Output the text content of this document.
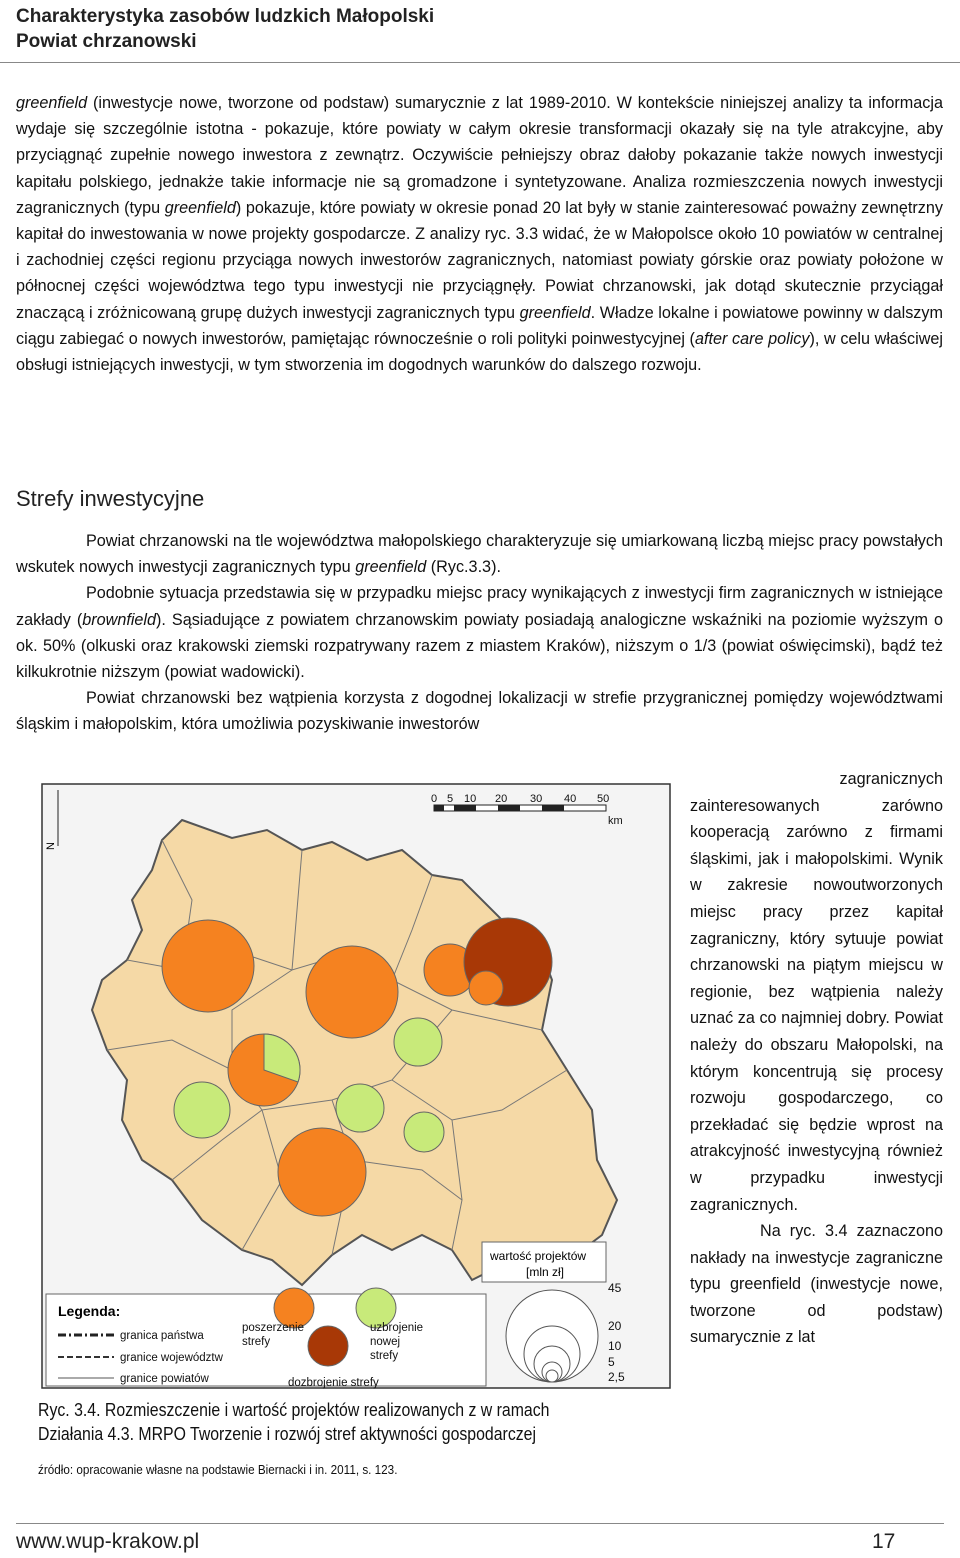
Charakterystyka zasobów ludzkich Małopolski
Powiat chrzanowski

greenfield (inwestycje nowe, tworzone od podstaw) sumarycznie z lat 1989-2010. W kontekście niniejszej analizy ta informacja wydaje się szczególnie istotna - pokazuje, które powiaty w całym okresie transformacji okazały się na tyle atrakcyjne, aby przyciągnąć zupełnie nowego inwestora z zewnątrz. Oczywiście pełniejszy obraz dałoby pokazanie także nowych inwestycji kapitału polskiego, jednakże takie informacje nie są gromadzone i syntetyzowane. Analiza rozmieszczenia nowych inwestycji zagranicznych (typu greenfield) pokazuje, które powiaty w okresie ponad 20 lat były w stanie zainteresować poważny zewnętrzny kapitał do inwestowania w nowe projekty gospodarcze. Z analizy ryc. 3.3 widać, że w Małopolsce około 10 powiatów w centralnej i zachodniej części regionu przyciąga nowych inwestorów zagranicznych, natomiast powiaty górskie oraz powiaty położone w północnej części województwa tego typu inwestycji nie przyciągnęły. Powiat chrzanowski, jak dotąd skutecznie przyciągał znaczącą i zróżnicowaną grupę dużych inwestycji zagranicznych typu greenfield. Władze lokalne i powiatowe powinny w dalszym ciągu zabiegać o nowych inwestorów, pamiętając równocześnie o roli polityki poinwestycyjnej (after care policy), w celu właściwej obsługi istniejących inwestycji, w tym stworzenia im dogodnych warunków do dalszego rozwoju.

Strefy inwestycyjne

Powiat chrzanowski na tle województwa małopolskiego charakteryzuje się umiarkowaną liczbą miejsc pracy powstałych wskutek nowych inwestycji zagranicznych typu greenfield (Ryc.3.3).

Podobnie sytuacja przedstawia się w przypadku miejsc pracy wynikających z inwestycji firm zagranicznych w istniejące zakłady (brownfield). Sąsiadujące z powiatem chrzanowskim powiaty posiadają analogiczne wskaźniki na poziomie wyższym o ok. 50% (olkuski oraz krakowski ziemski rozpatrywany razem z miastem Kraków), niższym o 1/3 (powiat oświęcimski), bądź też kilkukrotnie niższym (powiat wadowicki).

Powiat chrzanowski bez wątpienia korzysta z dogodnej lokalizacji w strefie przygranicznej pomiędzy województwami śląskim i małopolskim, która umożliwia pozyskiwanie inwestorów

N
0 5 10 20 30 40 50
km
wartość projektów
[mln zł]
45
20
10
5
2,5
Legenda:
granica państwa
granice województw
granice powiatów
poszerzenie strefy
uzbrojenie nowej strefy
dozbrojenie strefy
Ryc. 3.4. Rozmieszczenie i wartość projektów realizowanych z w ramach
Działania 4.3. MRPO Tworzenie i rozwój stref aktywności gospodarczej
źródło: opracowanie własne na podstawie Biernacki i in. 2011, s. 123.

zagranicznych

zainteresowanych zarówno kooperacją zarówno z firmami śląskimi, jak i małopolskimi. Wynik w zakresie nowoutworzonych miejsc pracy przez kapitał zagraniczny, który sytuuje powiat chrzanowski na piątym miejscu w regionie, bez wątpienia należy uznać za co najmniej dobry. Powiat należy do obszaru Małopolski, na którym koncentrują się procesy rozwoju gospodarczego, co przekładać się będzie wprost na atrakcyjność inwestycyjną również w przypadku inwestycji zagranicznych.

Na ryc. 3.4 zaznaczono nakłady na inwestycje zagraniczne typu greenfield (inwestycje nowe, tworzone od podstaw) sumarycznie z lat

www.wup-krakow.pl	17
